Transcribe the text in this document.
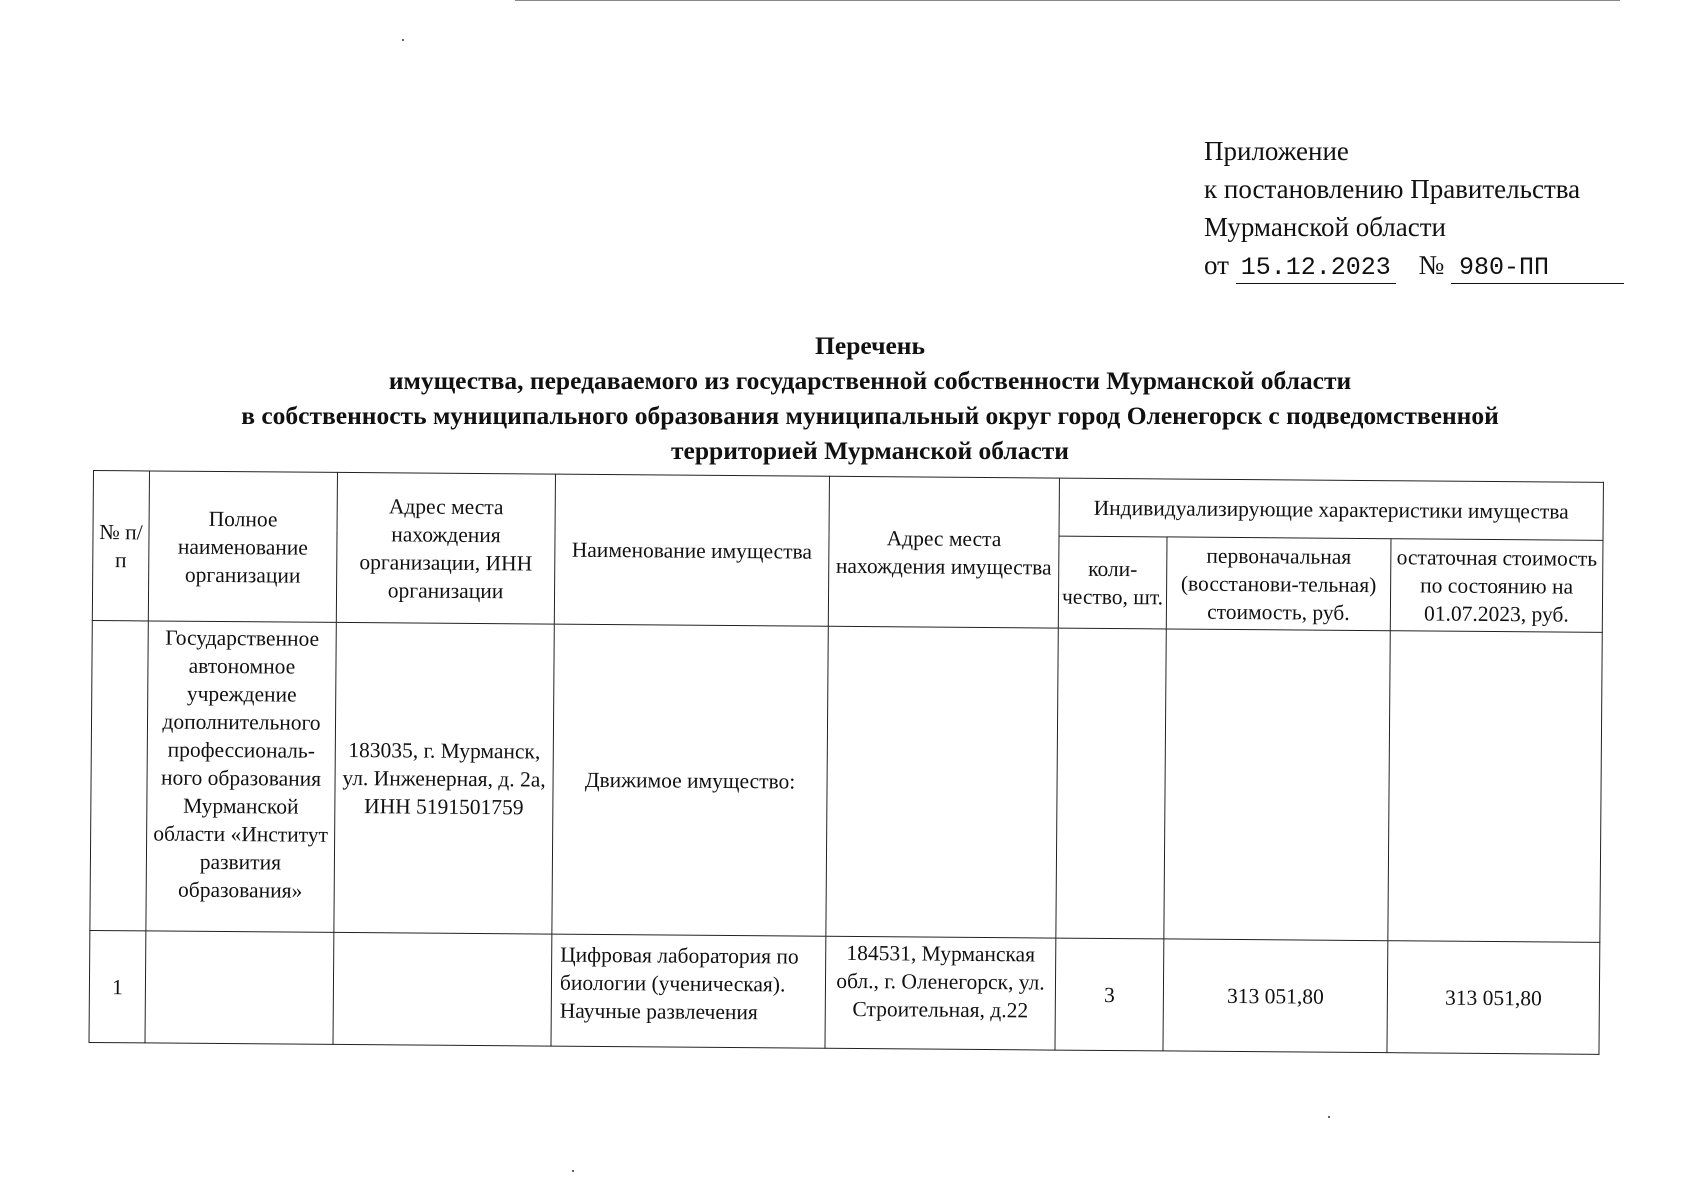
Приложение
к постановлению Правительства
Мурманской области
от 15.12.2023 № 980-ПП
Перечень
имущества, передаваемого из государственной собственности Мурманской области
в собственность муниципального образования муниципальный округ город Оленегорск с подведомственной
территорией Мурманской области
№ п/п	Полное наименование организации	Адрес места нахождения организации, ИНН организации	Наименование имущества	Адрес места нахождения имущества	Индивидуализирующие характеристики имущества		
					коли-чество, шт.	первоначальная (восстанови-тельная) стоимость, руб.	остаточная стоимость по состоянию на 01.07.2023, руб.
	Государственное автономное учреждение дополнительного профессиональ-ного образования Мурманской области «Институт развития образования»	183035, г. Мурманск, ул. Инженерная, д. 2а, ИНН 5191501759	Движимое имущество:				
1			Цифровая лаборатория по биологии (ученическая). Научные развлечения	184531, Мурманская обл., г. Оленегорск, ул. Строительная, д.22	3	313 051,80	313 051,80
